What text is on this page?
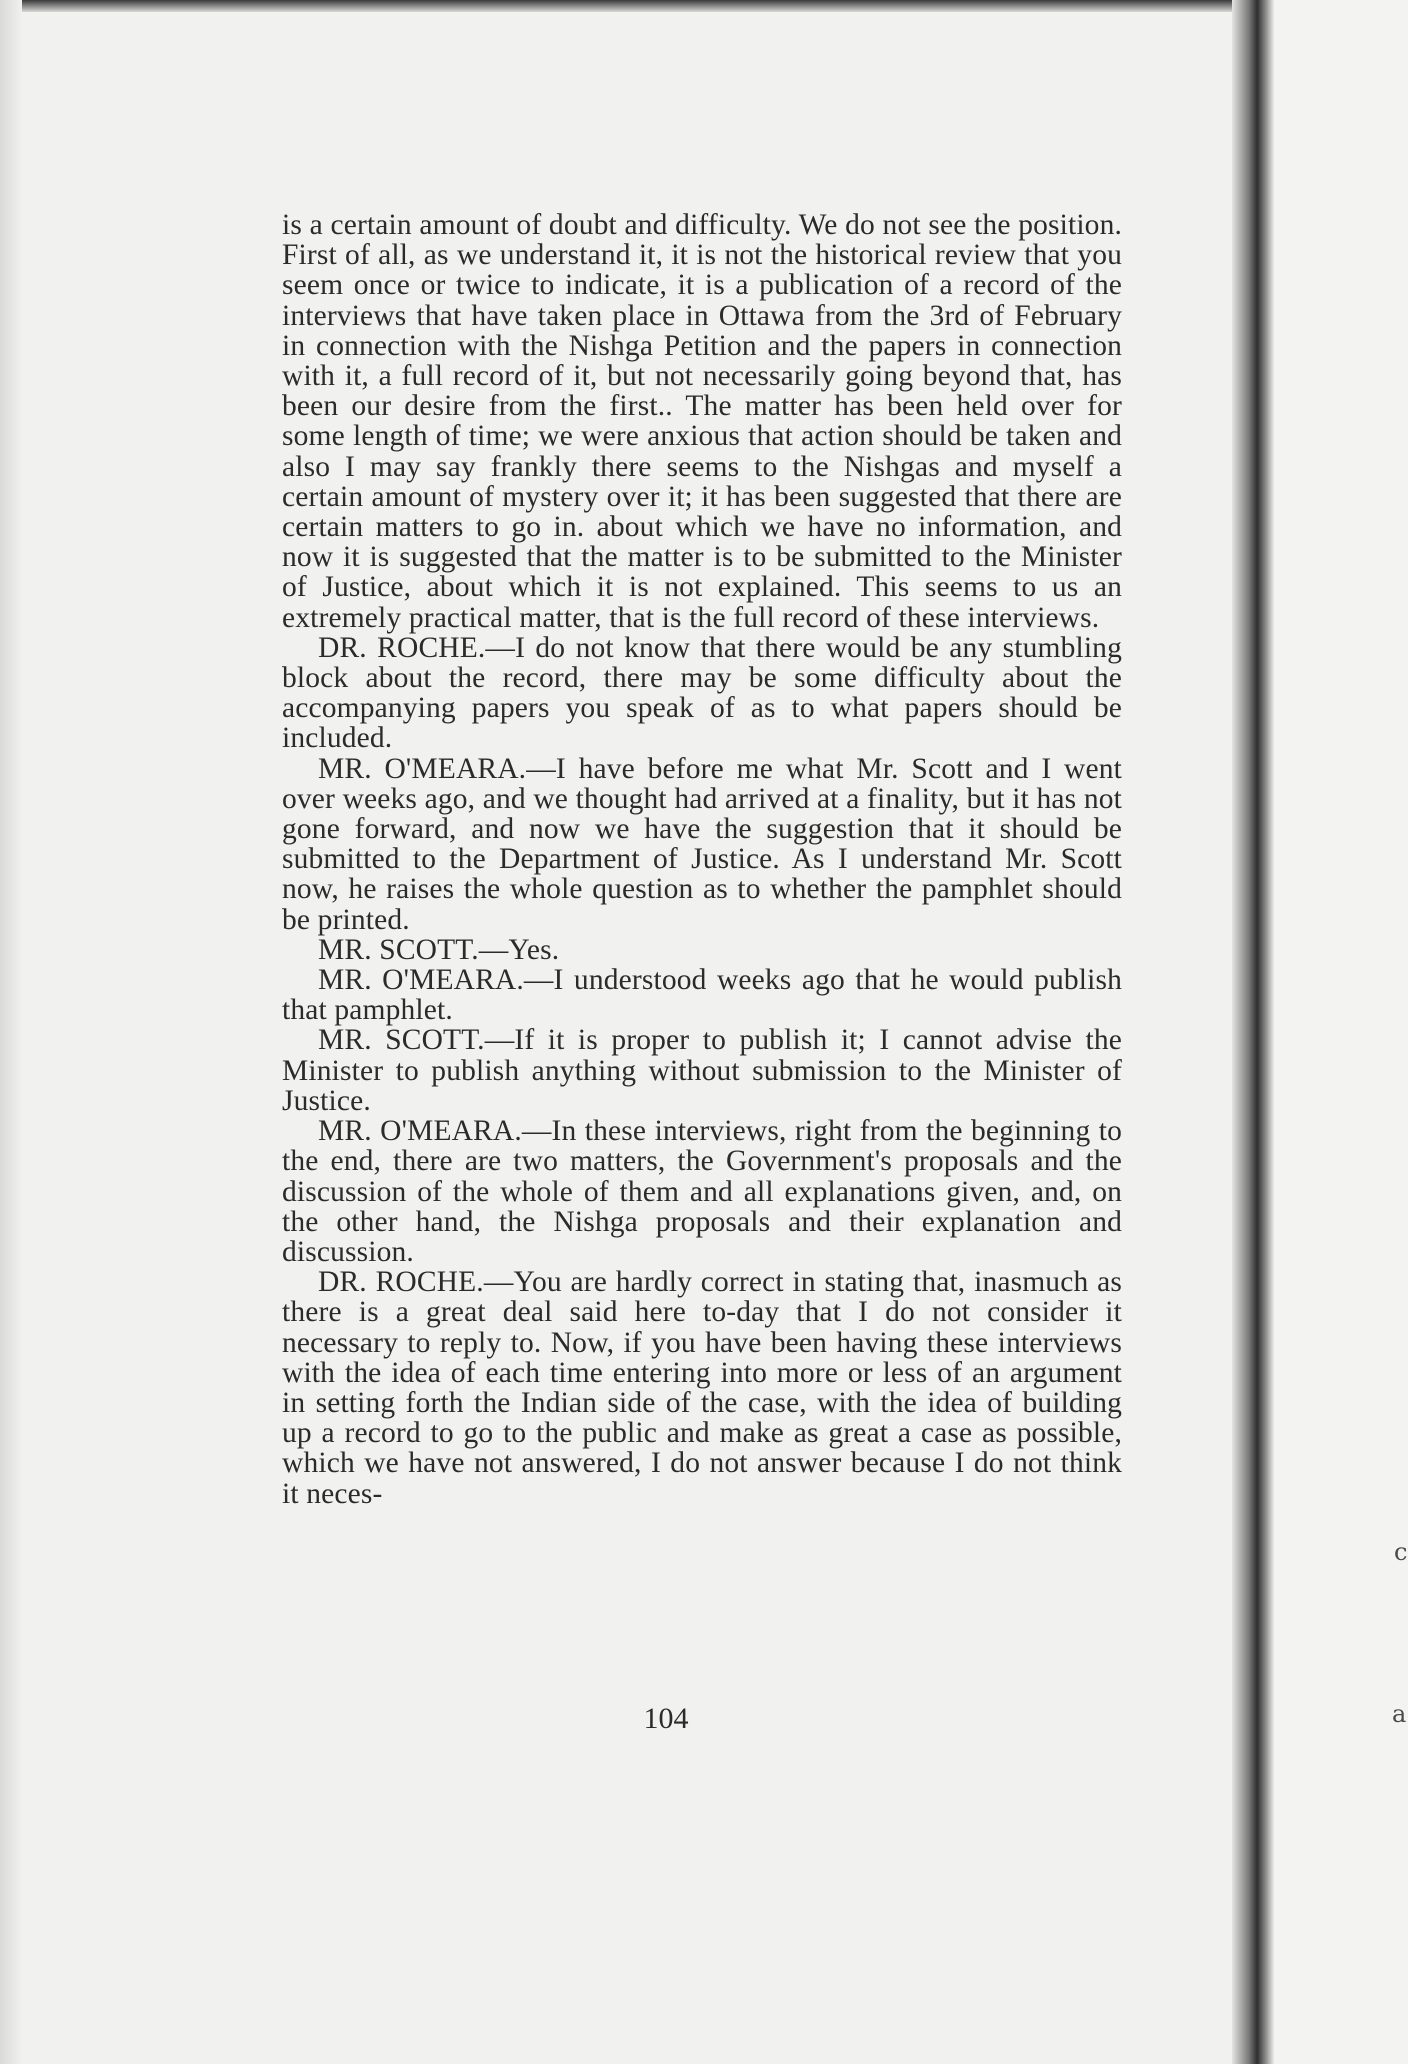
is a certain amount of doubt and difficulty. We do not see the position. First of all, as we understand it, it is not the historical review that you seem once or twice to indicate, it is a publication of a record of the interviews that have taken place in Ottawa from the 3rd of February in connection with the Nishga Petition and the papers in connection with it, a full record of it, but not necessarily going beyond that, has been our desire from the first.. The matter has been held over for some length of time; we were anxious that action should be taken and also I may say frankly there seems to the Nishgas and myself a certain amount of mystery over it; it has been suggested that there are certain matters to go in. about which we have no information, and now it is suggested that the matter is to be submitted to the Minister of Justice, about which it is not explained. This seems to us an extremely practical matter, that is the full record of these interviews.

DR. ROCHE.—I do not know that there would be any stumbling block about the record, there may be some difficulty about the accompanying papers you speak of as to what papers should be included.

MR. O'MEARA.—I have before me what Mr. Scott and I went over weeks ago, and we thought had arrived at a finality, but it has not gone forward, and now we have the suggestion that it should be submitted to the Department of Justice. As I understand Mr. Scott now, he raises the whole question as to whether the pamphlet should be printed.

MR. SCOTT.—Yes.

MR. O'MEARA.—I understood weeks ago that he would publish that pamphlet.

MR. SCOTT.—If it is proper to publish it; I cannot advise the Minister to publish anything without submission to the Minister of Justice.

MR. O'MEARA.—In these interviews, right from the beginning to the end, there are two matters, the Government's proposals and the discussion of the whole of them and all explanations given, and, on the other hand, the Nishga proposals and their explanation and discussion.

DR. ROCHE.—You are hardly correct in stating that, inasmuch as there is a great deal said here to-day that I do not consider it necessary to reply to. Now, if you have been having these interviews with the idea of each time entering into more or less of an argument in setting forth the Indian side of the case, with the idea of building up a record to go to the public and make as great a case as possible, which we have not answered, I do not answer because I do not think it neces-

104
c
a
